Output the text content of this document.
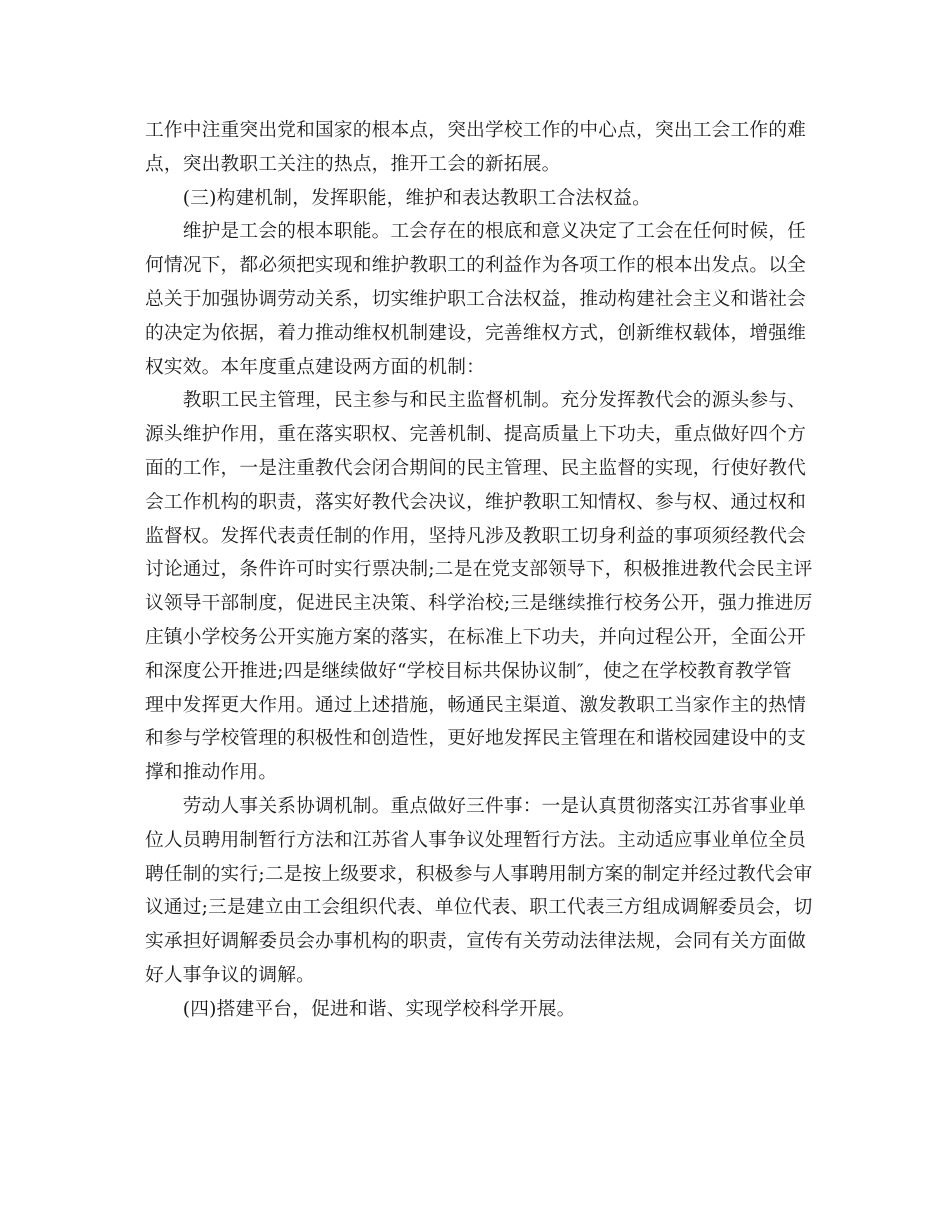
工作中注重突出党和国家的根本点，突出学校工作的中心点，突出工会工作的难
点，突出教职工关注的热点，推开工会的新拓展。
　　(三)构建机制，发挥职能，维护和表达教职工合法权益。
　　维护是工会的根本职能。工会存在的根底和意义决定了工会在任何时候，任
何情况下，都必须把实现和维护教职工的利益作为各项工作的根本出发点。以全
总关于加强协调劳动关系，切实维护职工合法权益，推动构建社会主义和谐社会
的决定为依据，着力推动维权机制建设，完善维权方式，创新维权载体，增强维
权实效。本年度重点建设两方面的机制：
　　教职工民主管理，民主参与和民主监督机制。充分发挥教代会的源头参与、
源头维护作用，重在落实职权、完善机制、提高质量上下功夫，重点做好四个方
面的工作，一是注重教代会闭合期间的民主管理、民主监督的实现，行使好教代
会工作机构的职责，落实好教代会决议，维护教职工知情权、参与权、通过权和
监督权。发挥代表责任制的作用，坚持凡涉及教职工切身利益的事项须经教代会
讨论通过，条件许可时实行票决制;二是在党支部领导下，积极推进教代会民主评
议领导干部制度，促进民主决策、科学治校;三是继续推行校务公开，强力推进厉
庄镇小学校务公开实施方案的落实，在标准上下功夫，并向过程公开，全面公开
和深度公开推进;四是继续做好“学校目标共保协议制″，使之在学校教育教学管
理中发挥更大作用。通过上述措施，畅通民主渠道、激发教职工当家作主的热情
和参与学校管理的积极性和创造性，更好地发挥民主管理在和谐校园建设中的支
撑和推动作用。
　　劳动人事关系协调机制。重点做好三件事：一是认真贯彻落实江苏省事业单
位人员聘用制暂行方法和江苏省人事争议处理暂行方法。主动适应事业单位全员
聘任制的实行;二是按上级要求，积极参与人事聘用制方案的制定并经过教代会审
议通过;三是建立由工会组织代表、单位代表、职工代表三方组成调解委员会，切
实承担好调解委员会办事机构的职责，宣传有关劳动法律法规，会同有关方面做
好人事争议的调解。
　　(四)搭建平台，促进和谐、实现学校科学开展。
